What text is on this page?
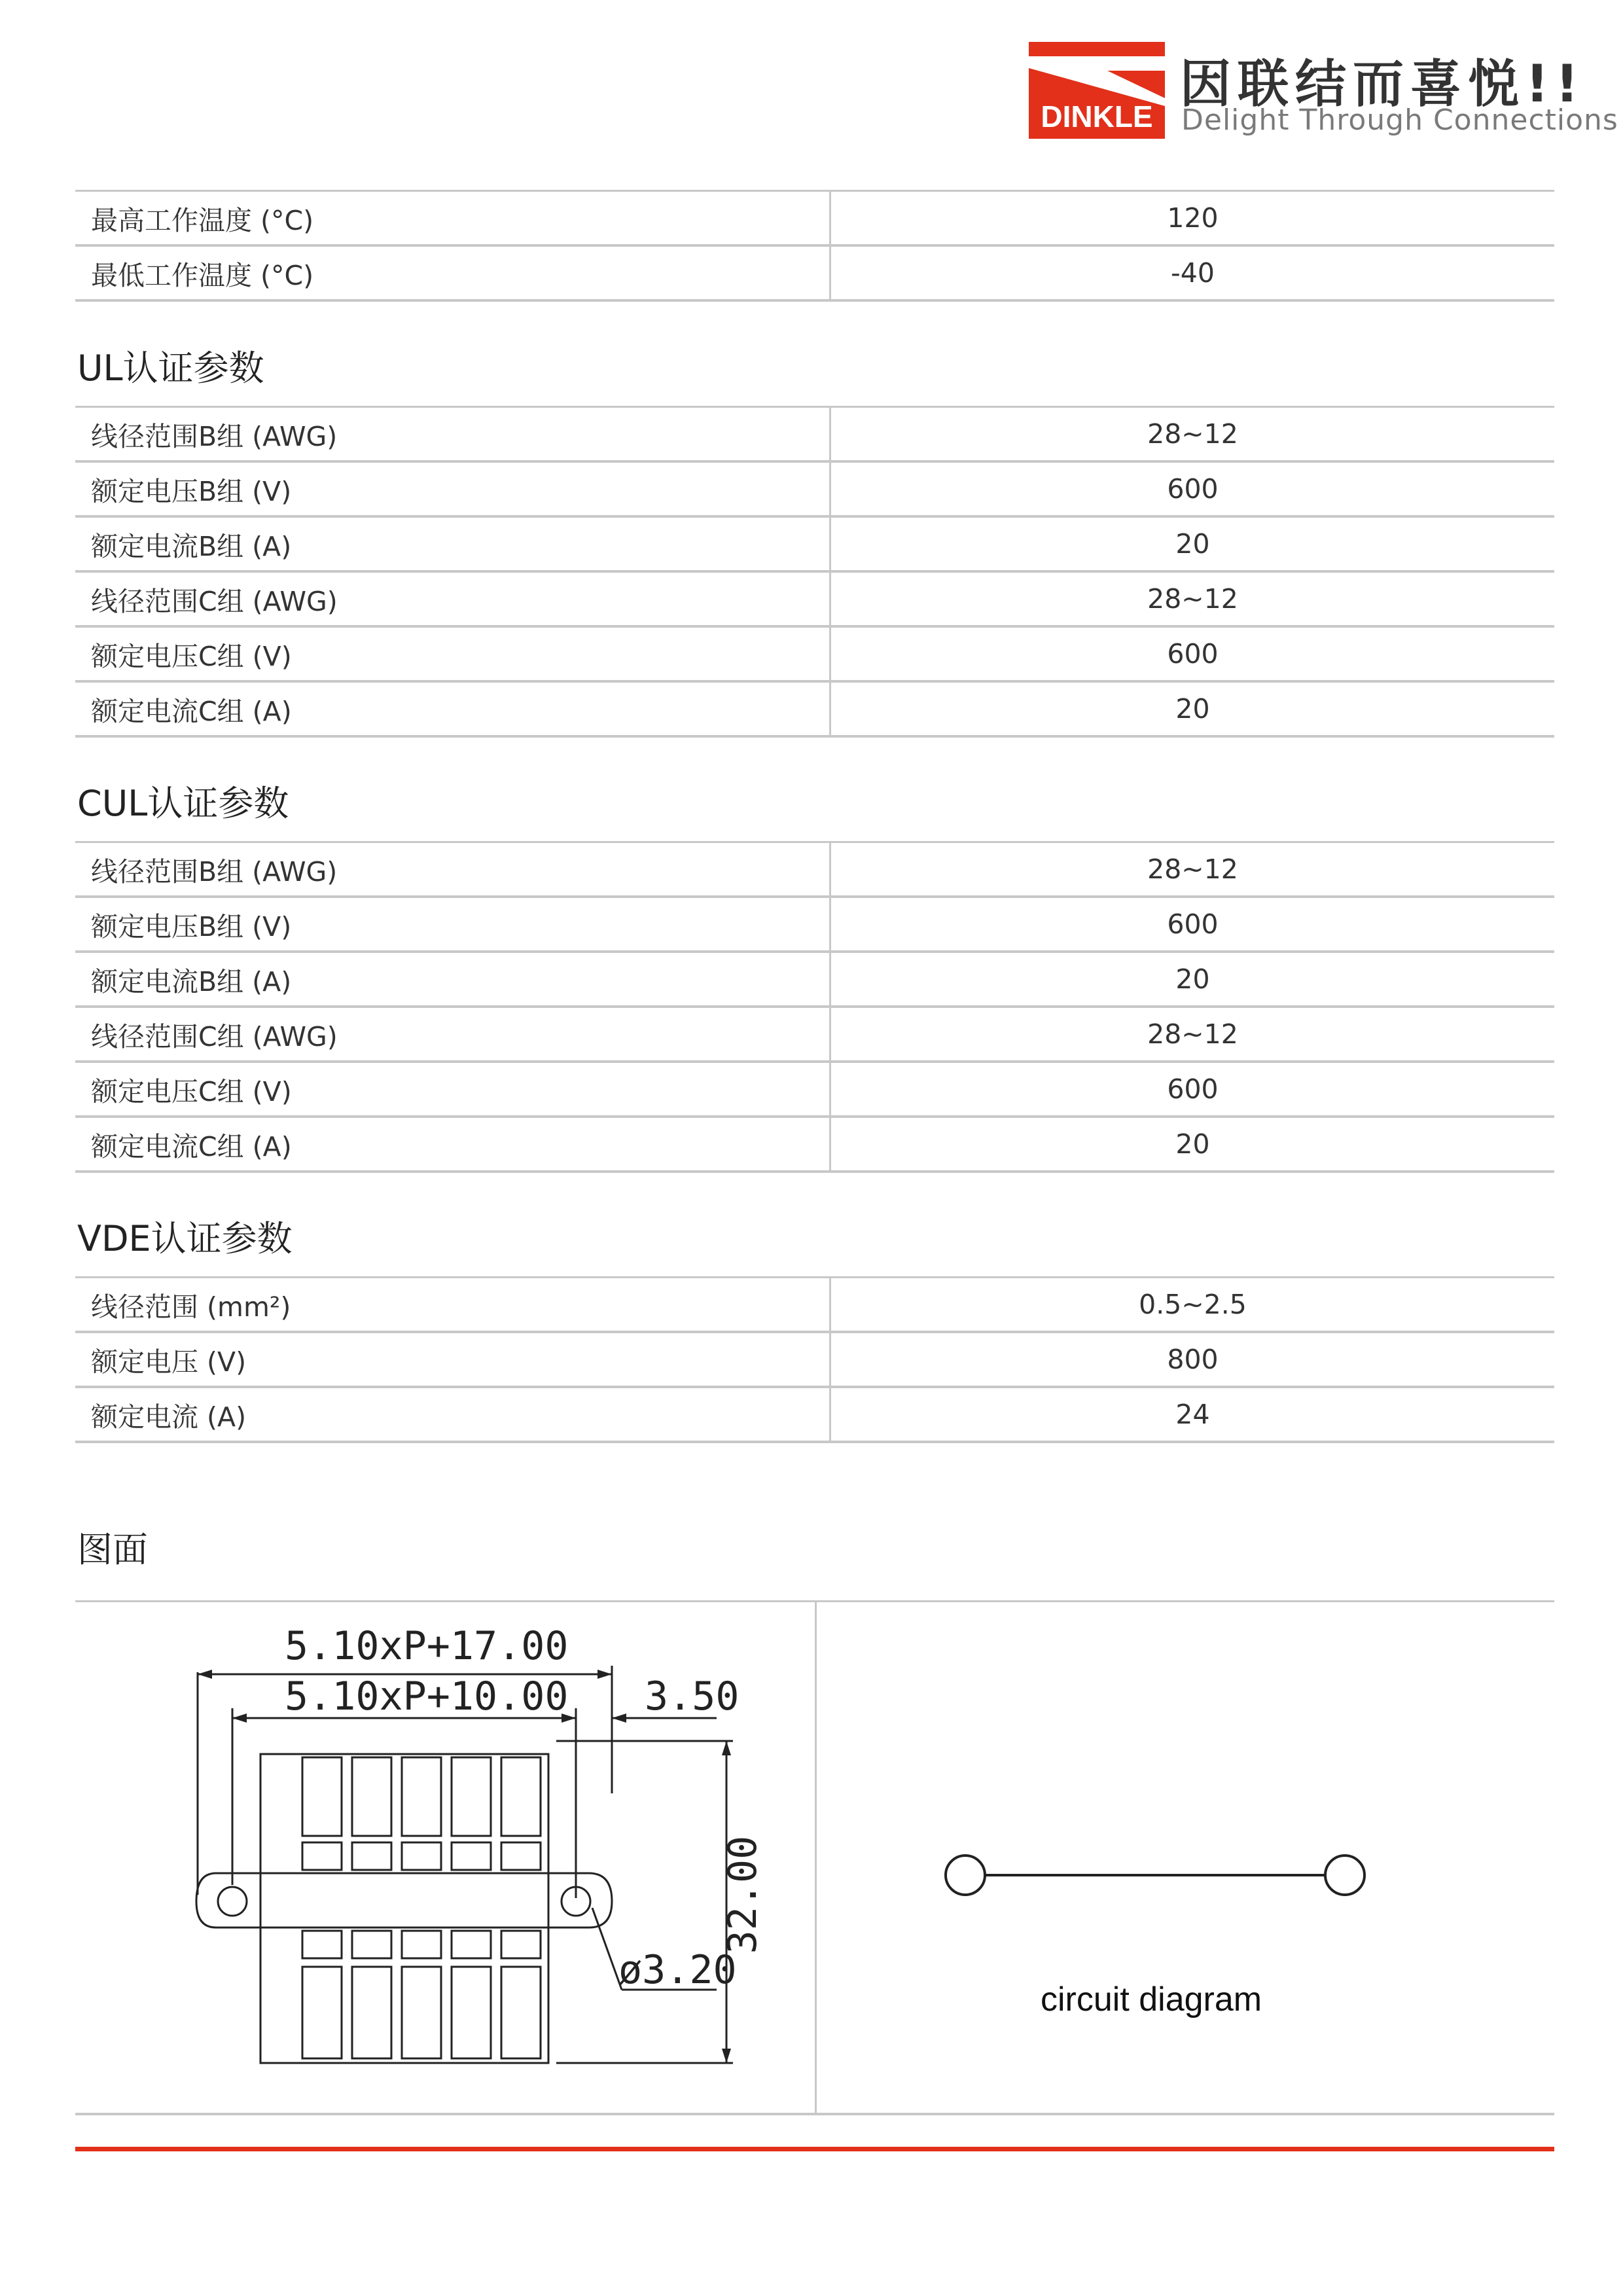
DINKLE
因联结而喜悦!!
Delight Through Connections
最高工作温度 (°C)	120
最低工作温度 (°C)	-40
UL认证参数
线径范围B组 (AWG)	28~12
额定电压B组 (V)	600
额定电流B组 (A)	20
线径范围C组 (AWG)	28~12
额定电压C组 (V)	600
额定电流C组 (A)	20
CUL认证参数
线径范围B组 (AWG)	28~12
额定电压B组 (V)	600
额定电流B组 (A)	20
线径范围C组 (AWG)	28~12
额定电压C组 (V)	600
额定电流C组 (A)	20
VDE认证参数
线径范围 (mm²)	0.5~2.5
额定电压 (V)	800
额定电流 (A)	24
图面
5.10xP+17.00
5.10xP+10.00 3.50
ø3.20
32.00
circuit diagram
